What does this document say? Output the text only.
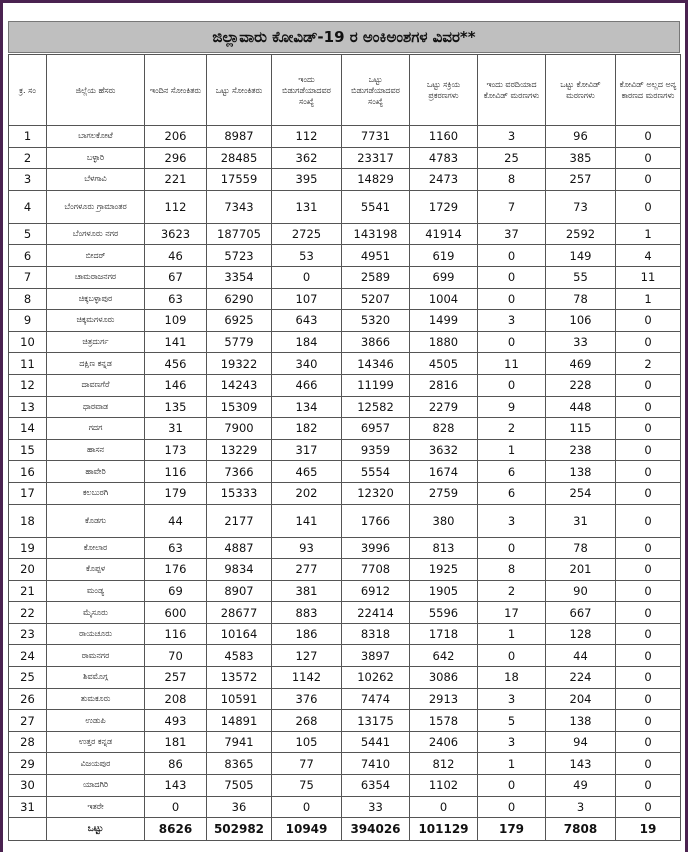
ಜಿಲ್ಲಾವಾರು ಕೋವಿಡ್‌-19 ರ ಅಂಕಿಅಂಶಗಳ ವಿವರ**
ಕ್ರ. ಸಂ	ಜಿಲ್ಲೆಯ ಹೆಸರು	ಇಂದಿನ ಸೋಂಕಿತರು	ಒಟ್ಟು ಸೋಂಕಿತರು	ಇಂದು ಬಿಡುಗಡೆಯಾದವರ ಸಂಖ್ಯೆ	ಒಟ್ಟು ಬಿಡುಗಡೆಯಾದವರ ಸಂಖ್ಯೆ	ಒಟ್ಟು ಸಕ್ರಿಯ ಪ್ರಕರಣಗಳು	ಇಂದು ವರದಿಯಾದ ಕೋವಿಡ್ ಮರಣಗಳು	ಒಟ್ಟು ಕೋವಿಡ್ ಮರಣಗಳು	ಕೋವಿಡ್ ಅಲ್ಲದ ಅನ್ಯ ಕಾರಣದ ಮರಣಗಳು
1	ಬಾಗಲಕೋಟೆ	206	8987	112	7731	1160	3	96	0
2	ಬಳ್ಳಾರಿ	296	28485	362	23317	4783	25	385	0
3	ಬೆಳಗಾವಿ	221	17559	395	14829	2473	8	257	0
4	ಬೆಂಗಳೂರು ಗ್ರಾಮಾಂತರ	112	7343	131	5541	1729	7	73	0
5	ಬೆಂಗಳೂರು ನಗರ	3623	187705	2725	143198	41914	37	2592	1
6	ಬೀದರ್	46	5723	53	4951	619	0	149	4
7	ಚಾಮರಾಜನಗರ	67	3354	0	2589	699	0	55	11
8	ಚಿಕ್ಕಬಳ್ಳಾಪುರ	63	6290	107	5207	1004	0	78	1
9	ಚಿಕ್ಕಮಗಳೂರು	109	6925	643	5320	1499	3	106	0
10	ಚಿತ್ರದುರ್ಗ	141	5779	184	3866	1880	0	33	0
11	ದಕ್ಷಿಣ ಕನ್ನಡ	456	19322	340	14346	4505	11	469	2
12	ದಾವಣಗೆರೆ	146	14243	466	11199	2816	0	228	0
13	ಧಾರವಾಡ	135	15309	134	12582	2279	9	448	0
14	ಗದಗ	31	7900	182	6957	828	2	115	0
15	ಹಾಸನ	173	13229	317	9359	3632	1	238	0
16	ಹಾವೇರಿ	116	7366	465	5554	1674	6	138	0
17	ಕಲಬುರಗಿ	179	15333	202	12320	2759	6	254	0
18	ಕೊಡಗು	44	2177	141	1766	380	3	31	0
19	ಕೋಲಾರ	63	4887	93	3996	813	0	78	0
20	ಕೊಪ್ಪಳ	176	9834	277	7708	1925	8	201	0
21	ಮಂಡ್ಯ	69	8907	381	6912	1905	2	90	0
22	ಮೈಸೂರು	600	28677	883	22414	5596	17	667	0
23	ರಾಯಚೂರು	116	10164	186	8318	1718	1	128	0
24	ರಾಮನಗರ	70	4583	127	3897	642	0	44	0
25	ಶಿವಮೊಗ್ಗ	257	13572	1142	10262	3086	18	224	0
26	ತುಮಕೂರು	208	10591	376	7474	2913	3	204	0
27	ಉಡುಪಿ	493	14891	268	13175	1578	5	138	0
28	ಉತ್ತರ ಕನ್ನಡ	181	7941	105	5441	2406	3	94	0
29	ವಿಜಯಪುರ	86	8365	77	7410	812	1	143	0
30	ಯಾದಗಿರಿ	143	7505	75	6354	1102	0	49	0
31	ಇತರೇ	0	36	0	33	0	0	3	0
	ಒಟ್ಟು	8626	502982	10949	394026	101129	179	7808	19
